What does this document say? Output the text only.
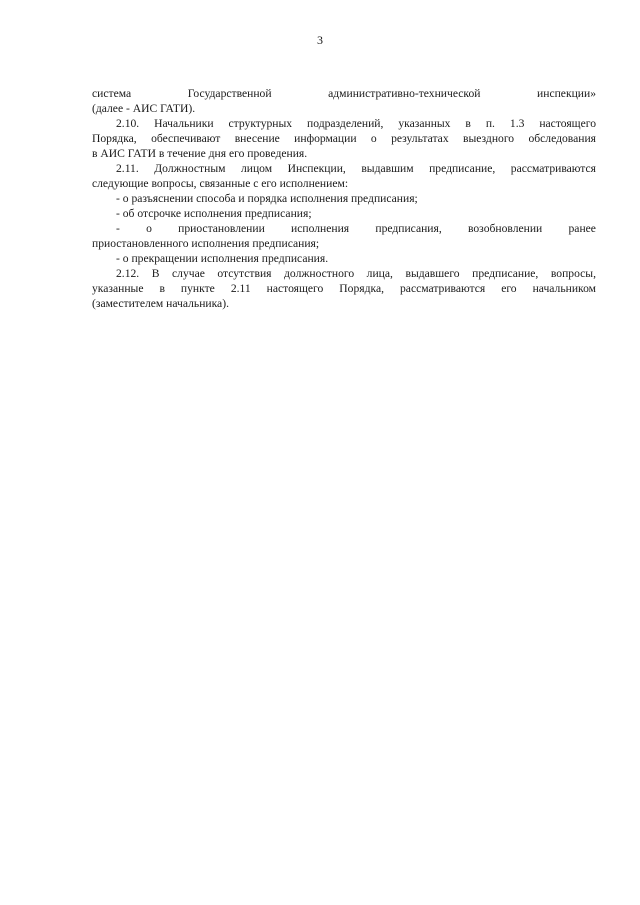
3
система	Государственной	административно-технической	инспекции»
(далее - АИС ГАТИ).
2.10. Начальники структурных подразделений, указанных в п. 1.3 настоящего
Порядка, обеспечивают внесение информации о результатах выездного обследования
в АИС ГАТИ в течение дня его проведения.
2.11. Должностным лицом Инспекции, выдавшим предписание, рассматриваются
следующие вопросы, связанные с его исполнением:
- о разъяснении способа и порядка исполнения предписания;
- об отсрочке исполнения предписания;
- о приостановлении исполнения предписания, возобновлении ранее
приостановленного исполнения предписания;
- о прекращении исполнения предписания.
2.12. В случае отсутствия должностного лица, выдавшего предписание, вопросы,
указанные в пункте 2.11 настоящего Порядка, рассматриваются его начальником
(заместителем начальника).
